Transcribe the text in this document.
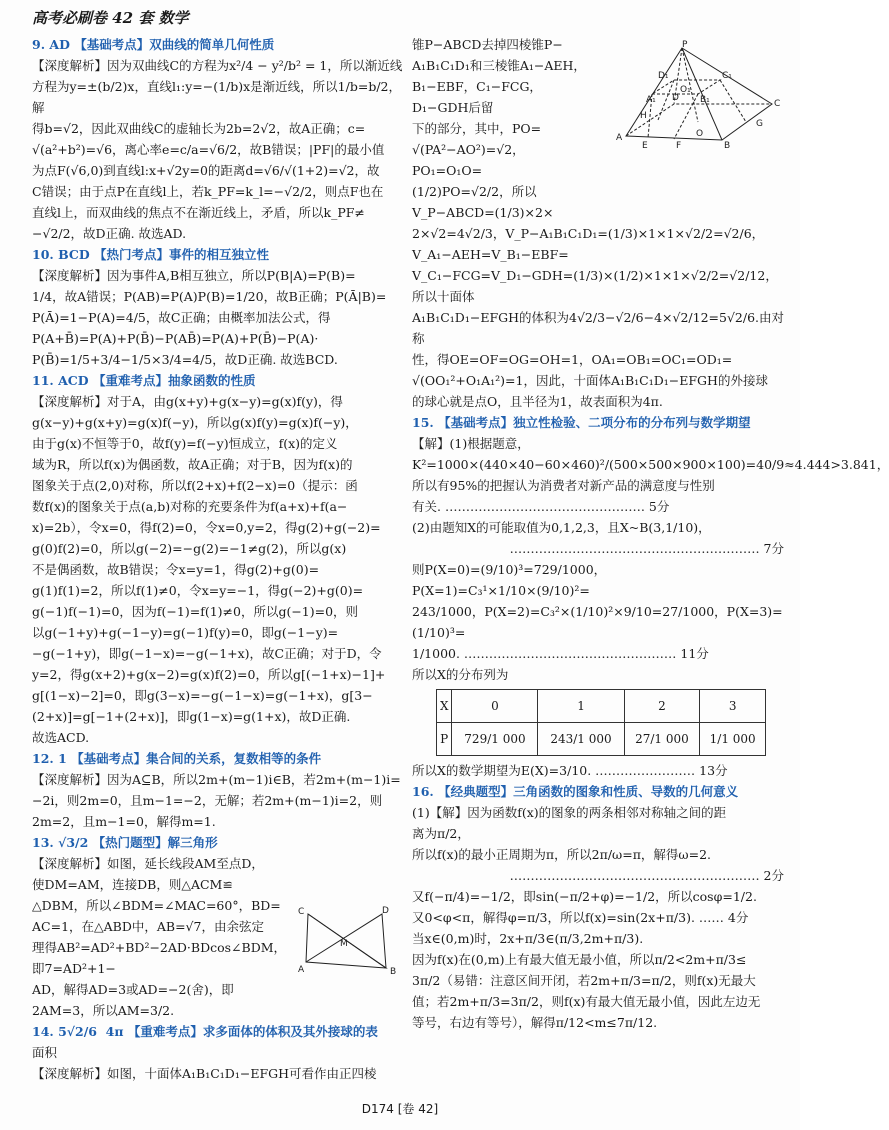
高考必刷卷 42 套 数学

9. AD 【基础考点】双曲线的简单几何性质

【深度解析】因为双曲线C的方程为x²/4 − y²/b² = 1，所以渐近线

方程为y=±(b/2)x，直线l₁:y=−(1/b)x是渐近线，所以1/b=b/2，解

得b=√2，因此双曲线C的虚轴长为2b=2√2，故A正确；c=

√(a²+b²)=√6，离心率e=c/a=√6/2，故B错误；|PF|的最小值

为点F(√6,0)到直线l:x+√2y=0的距离d=√6/√(1+2)=√2，故

C错误；由于点P在直线l上，若k_PF=k_l=−√2/2，则点F也在

直线l上，而双曲线的焦点不在渐近线上，矛盾，所以k_PF≠

−√2/2，故D正确. 故选AD.

10. BCD 【热门考点】事件的相互独立性

【深度解析】因为事件A,B相互独立，所以P(B|A)=P(B)=

1/4，故A错误；P(AB)=P(A)P(B)=1/20，故B正确；P(Ā|B)=

P(Ā)=1−P(A)=4/5，故C正确；由概率加法公式，得

P(A+B̄)=P(A)+P(B̄)−P(AB̄)=P(A)+P(B̄)−P(A)·

P(B̄)=1/5+3/4−1/5×3/4=4/5，故D正确. 故选BCD.

11. ACD 【重难考点】抽象函数的性质

【深度解析】对于A，由g(x+y)+g(x−y)=g(x)f(y)，得

g(x−y)+g(x+y)=g(x)f(−y)，所以g(x)f(y)=g(x)f(−y)，

由于g(x)不恒等于0，故f(y)=f(−y)恒成立，f(x)的定义

域为R，所以f(x)为偶函数，故A正确；对于B，因为f(x)的

图象关于点(2,0)对称，所以f(2+x)+f(2−x)=0（提示：函

数f(x)的图象关于点(a,b)对称的充要条件为f(a+x)+f(a−

x)=2b），令x=0，得f(2)=0，令x=0,y=2，得g(2)+g(−2)=

g(0)f(2)=0，所以g(−2)=−g(2)=−1≠g(2)，所以g(x)

不是偶函数，故B错误；令x=y=1，得g(2)+g(0)=

g(1)f(1)=2，所以f(1)≠0，令x=y=−1，得g(−2)+g(0)=

g(−1)f(−1)=0，因为f(−1)=f(1)≠0，所以g(−1)=0，则

以g(−1+y)+g(−1−y)=g(−1)f(y)=0，即g(−1−y)=

−g(−1+y)，即g(−1−x)=−g(−1+x)，故C正确；对于D，令

y=2，得g(x+2)+g(x−2)=g(x)f(2)=0，所以g[(−1+x)−1]+

g[(1−x)−2]=0，即g(3−x)=−g(−1−x)=g(−1+x)，g[3−

(2+x)]=g[−1+(2+x)]，即g(1−x)=g(1+x)，故D正确.

故选ACD.

12. 1 【基础考点】集合间的关系，复数相等的条件

【深度解析】因为A⊆B，所以2m+(m−1)i∈B，若2m+(m−1)i=

−2i，则2m=0，且m−1=−2，无解；若2m+(m−1)i=2，则

2m=2，且m−1=0，解得m=1.

13. √3/2 【热门题型】解三角形

【深度解析】如图，延长线段AM至点D，

使DM=AM，连接DB，则△ACM≌

△DBM，所以∠BDM=∠MAC=60°，BD=

AC=1，在△ABD中，AB=√7，由余弦定

理得AB²=AD²+BD²−2AD·BDcos∠BDM，即7=AD²+1−

AD，解得AD=3或AD=−2(舍)，即2AM=3，所以AM=3/2.

14. 5√2/6  4π 【重难考点】求多面体的体积及其外接球的表

面积

【深度解析】如图，十面体A₁B₁C₁D₁−EFGH可看作由正四棱

锥P−ABCD去掉四棱锥P−

A₁B₁C₁D₁和三棱锥A₁−AEH，

B₁−EBF，C₁−FCG，D₁−GDH后留

下的部分，其中，PO=

√(PA²−AO²)=√2，PO₁=O₁O=

(1/2)PO=√2/2，所以V_P−ABCD=(1/3)×2×

2×√2=4√2/3，V_P−A₁B₁C₁D₁=(1/3)×1×1×√2/2=√2/6，V_A₁−AEH=V_B₁−EBF=

V_C₁−FCG=V_D₁−GDH=(1/3)×(1/2)×1×1×√2/2=√2/12，所以十面体

A₁B₁C₁D₁−EFGH的体积为4√2/3−√2/6−4×√2/12=5√2/6.由对称

性，得OE=OF=OG=OH=1，OA₁=OB₁=OC₁=OD₁=

√(OO₁²+O₁A₁²)=1，因此，十面体A₁B₁C₁D₁−EFGH的外接球

的球心就是点O，且半径为1，故表面积为4π.

15. 【基础考点】独立性检验、二项分布的分布列与数学期望

【解】(1)根据题意，

K²=1000×(440×40−60×460)²/(500×500×900×100)=40/9≈4.444>3.841，

所以有95%的把握认为消费者对新产品的满意度与性别

有关. ………………………………………… 5分

(2)由题知X的可能取值为0,1,2,3，且X~B(3,1/10)，

…………………………………………………… 7分

则P(X=0)=(9/10)³=729/1000，P(X=1)=C₃¹×1/10×(9/10)²=

243/1000，P(X=2)=C₃²×(1/10)²×9/10=27/1000，P(X=3)=(1/10)³=

1/1000. …………………………………………… 11分

所以X的分布列为

X	0	1	2	3
P	729/1 000	243/1 000	27/1 000	1/1 000

所以X的数学期望为E(X)=3/10. …………………… 13分

16. 【经典题型】三角函数的图象和性质、导数的几何意义

(1)【解】因为函数f(x)的图象的两条相邻对称轴之间的距

离为π/2，

所以f(x)的最小正周期为π，所以2π/ω=π，解得ω=2.

…………………………………………………… 2分

又f(−π/4)=−1/2，即sin(−π/2+φ)=−1/2，所以cosφ=1/2.

又0<φ<π，解得φ=π/3，所以f(x)=sin(2x+π/3). …… 4分

当x∈(0,m)时，2x+π/3∈(π/3,2m+π/3).

因为f(x)在(0,m)上有最大值无最小值，所以π/2<2m+π/3≤

3π/2（易错：注意区间开闭，若2m+π/3=π/2，则f(x)无最大

值；若2m+π/3=3π/2，则f(x)有最大值无最小值，因此左边无

等号，右边有等号），解得π/12<m≤7π/12.

P
D₁	C₁
A₁	B₁
O₁
H
D
G
C
A
E
O
F	B
C	D
M
A	B
D174 [卷 42]
